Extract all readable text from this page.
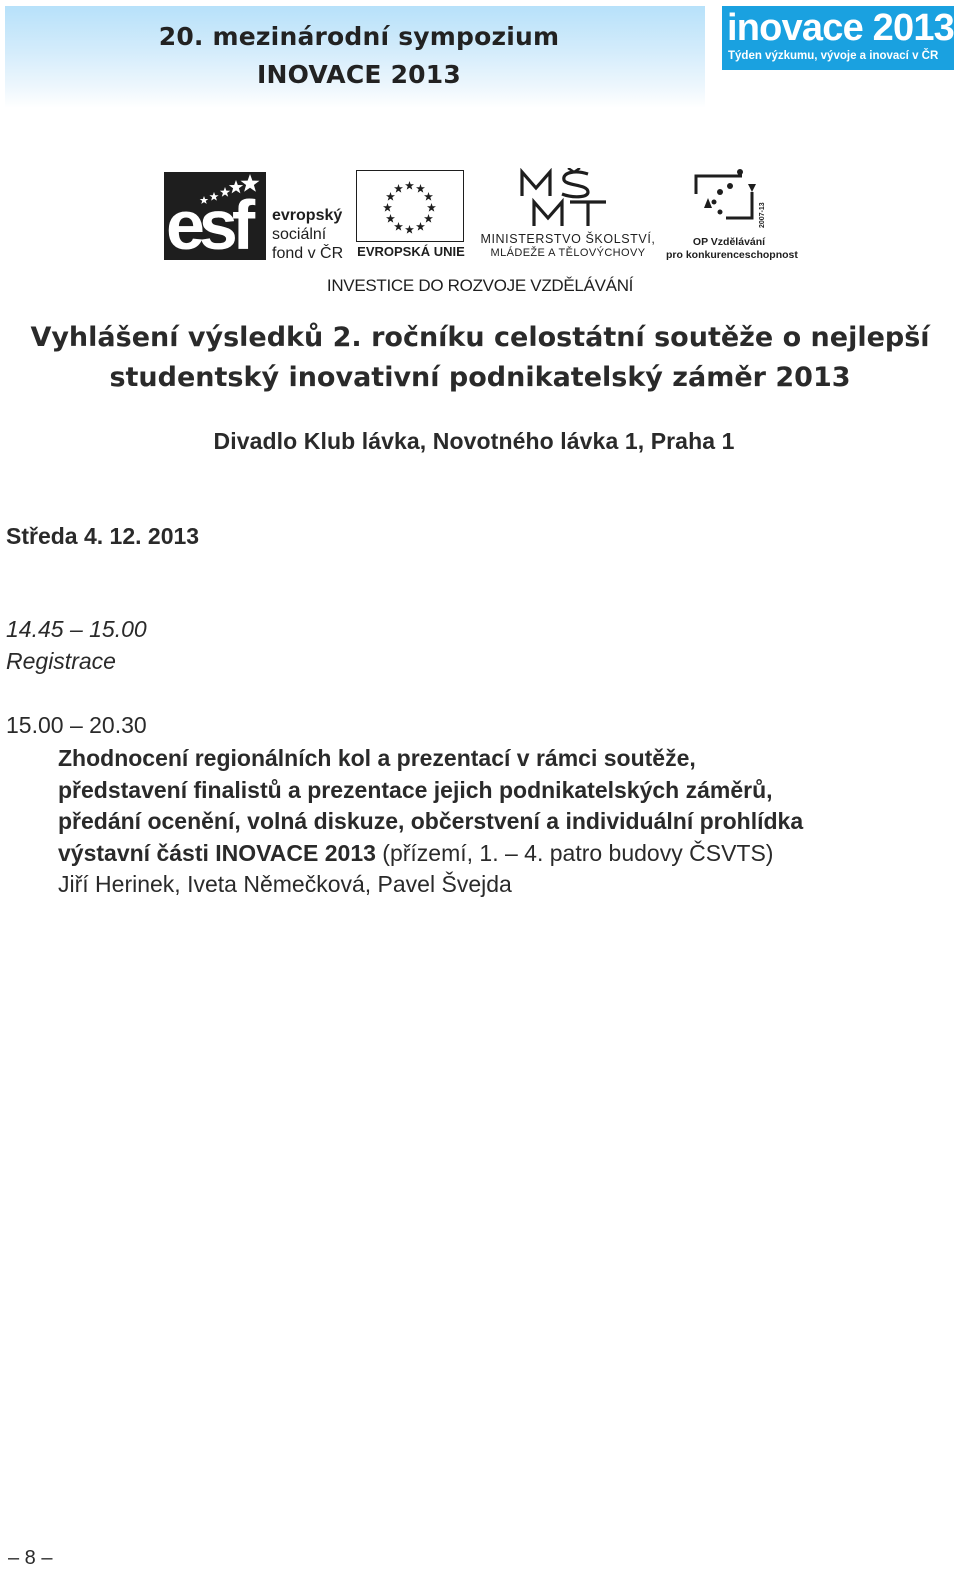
20. mezinárodní sympozium
INOVACE 2013
inovace 2013
Týden výzkumu, vývoje a inovací v ČR
esf evropský
sociální
fond v ČR EVROPSKÁ UNIE
MINISTERSTVO ŠKOLSTVÍ,
MLÁDEŽE A TĚLOVÝCHOVY
2007-13
OP Vzdělávání
pro konkurenceschopnost
INVESTICE DO ROZVOJE VZDĚLÁVÁNÍ
Vyhlášení výsledků 2. ročníku celostátní soutěže o nejlepší
studentský inovativní podnikatelský záměr 2013
Divadlo Klub lávka, Novotného lávka 1, Praha 1
Středa 4. 12. 2013
14.45 – 15.00
Registrace
15.00 – 20.30
Zhodnocení regionálních kol a prezentací v rámci soutěže,
představení finalistů a prezentace jejich podnikatelských záměrů,
předání ocenění, volná diskuze, občerstvení a individuální prohlídka
výstavní části INOVACE 2013 (přízemí, 1. – 4. patro budovy ČSVTS)
Jiří Herinek, Iveta Němečková, Pavel Švejda
– 8 –
